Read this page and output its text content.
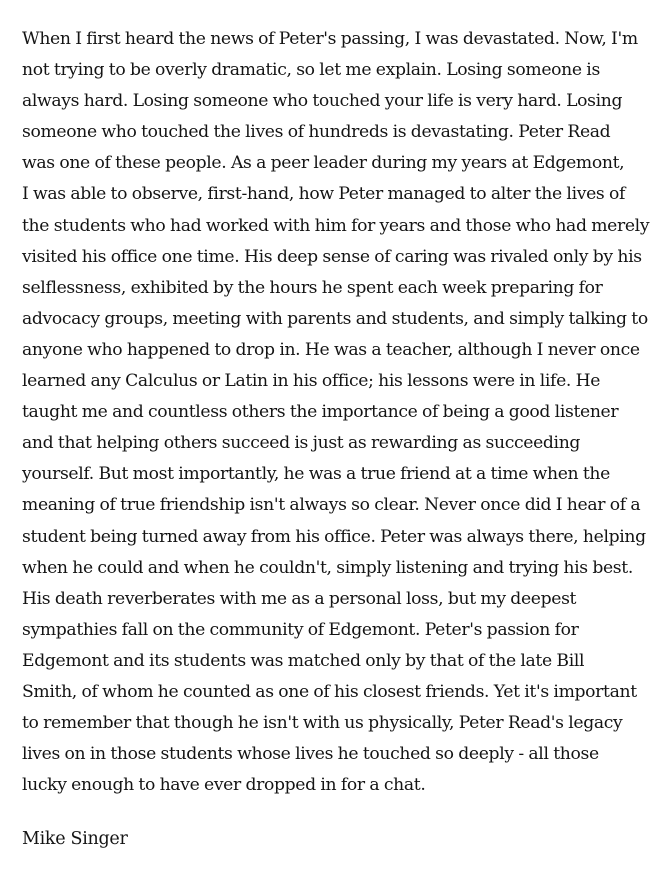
When I first heard the news of Peter's passing, I was devastated. Now, I'm
not trying to be overly dramatic, so let me explain. Losing someone is
always hard. Losing someone who touched your life is very hard. Losing
someone who touched the lives of hundreds is devastating. Peter Read
was one of these people. As a peer leader during my years at Edgemont,
I was able to observe, first-hand, how Peter managed to alter the lives of
the students who had worked with him for years and those who had merely
visited his office one time. His deep sense of caring was rivaled only by his
selflessness, exhibited by the hours he spent each week preparing for
advocacy groups, meeting with parents and students, and simply talking to
anyone who happened to drop in. He was a teacher, although I never once
learned any Calculus or Latin in his office; his lessons were in life. He
taught me and countless others the importance of being a good listener
and that helping others succeed is just as rewarding as succeeding
yourself. But most importantly, he was a true friend at a time when the
meaning of true friendship isn't always so clear. Never once did I hear of a
student being turned away from his office. Peter was always there, helping
when he could and when he couldn't, simply listening and trying his best.
His death reverberates with me as a personal loss, but my deepest
sympathies fall on the community of Edgemont. Peter's passion for
Edgemont and its students was matched only by that of the late Bill
Smith, of whom he counted as one of his closest friends. Yet it's important
to remember that though he isn't with us physically, Peter Read's legacy
lives on in those students whose lives he touched so deeply - all those
lucky enough to have ever dropped in for a chat.
Mike Singer
